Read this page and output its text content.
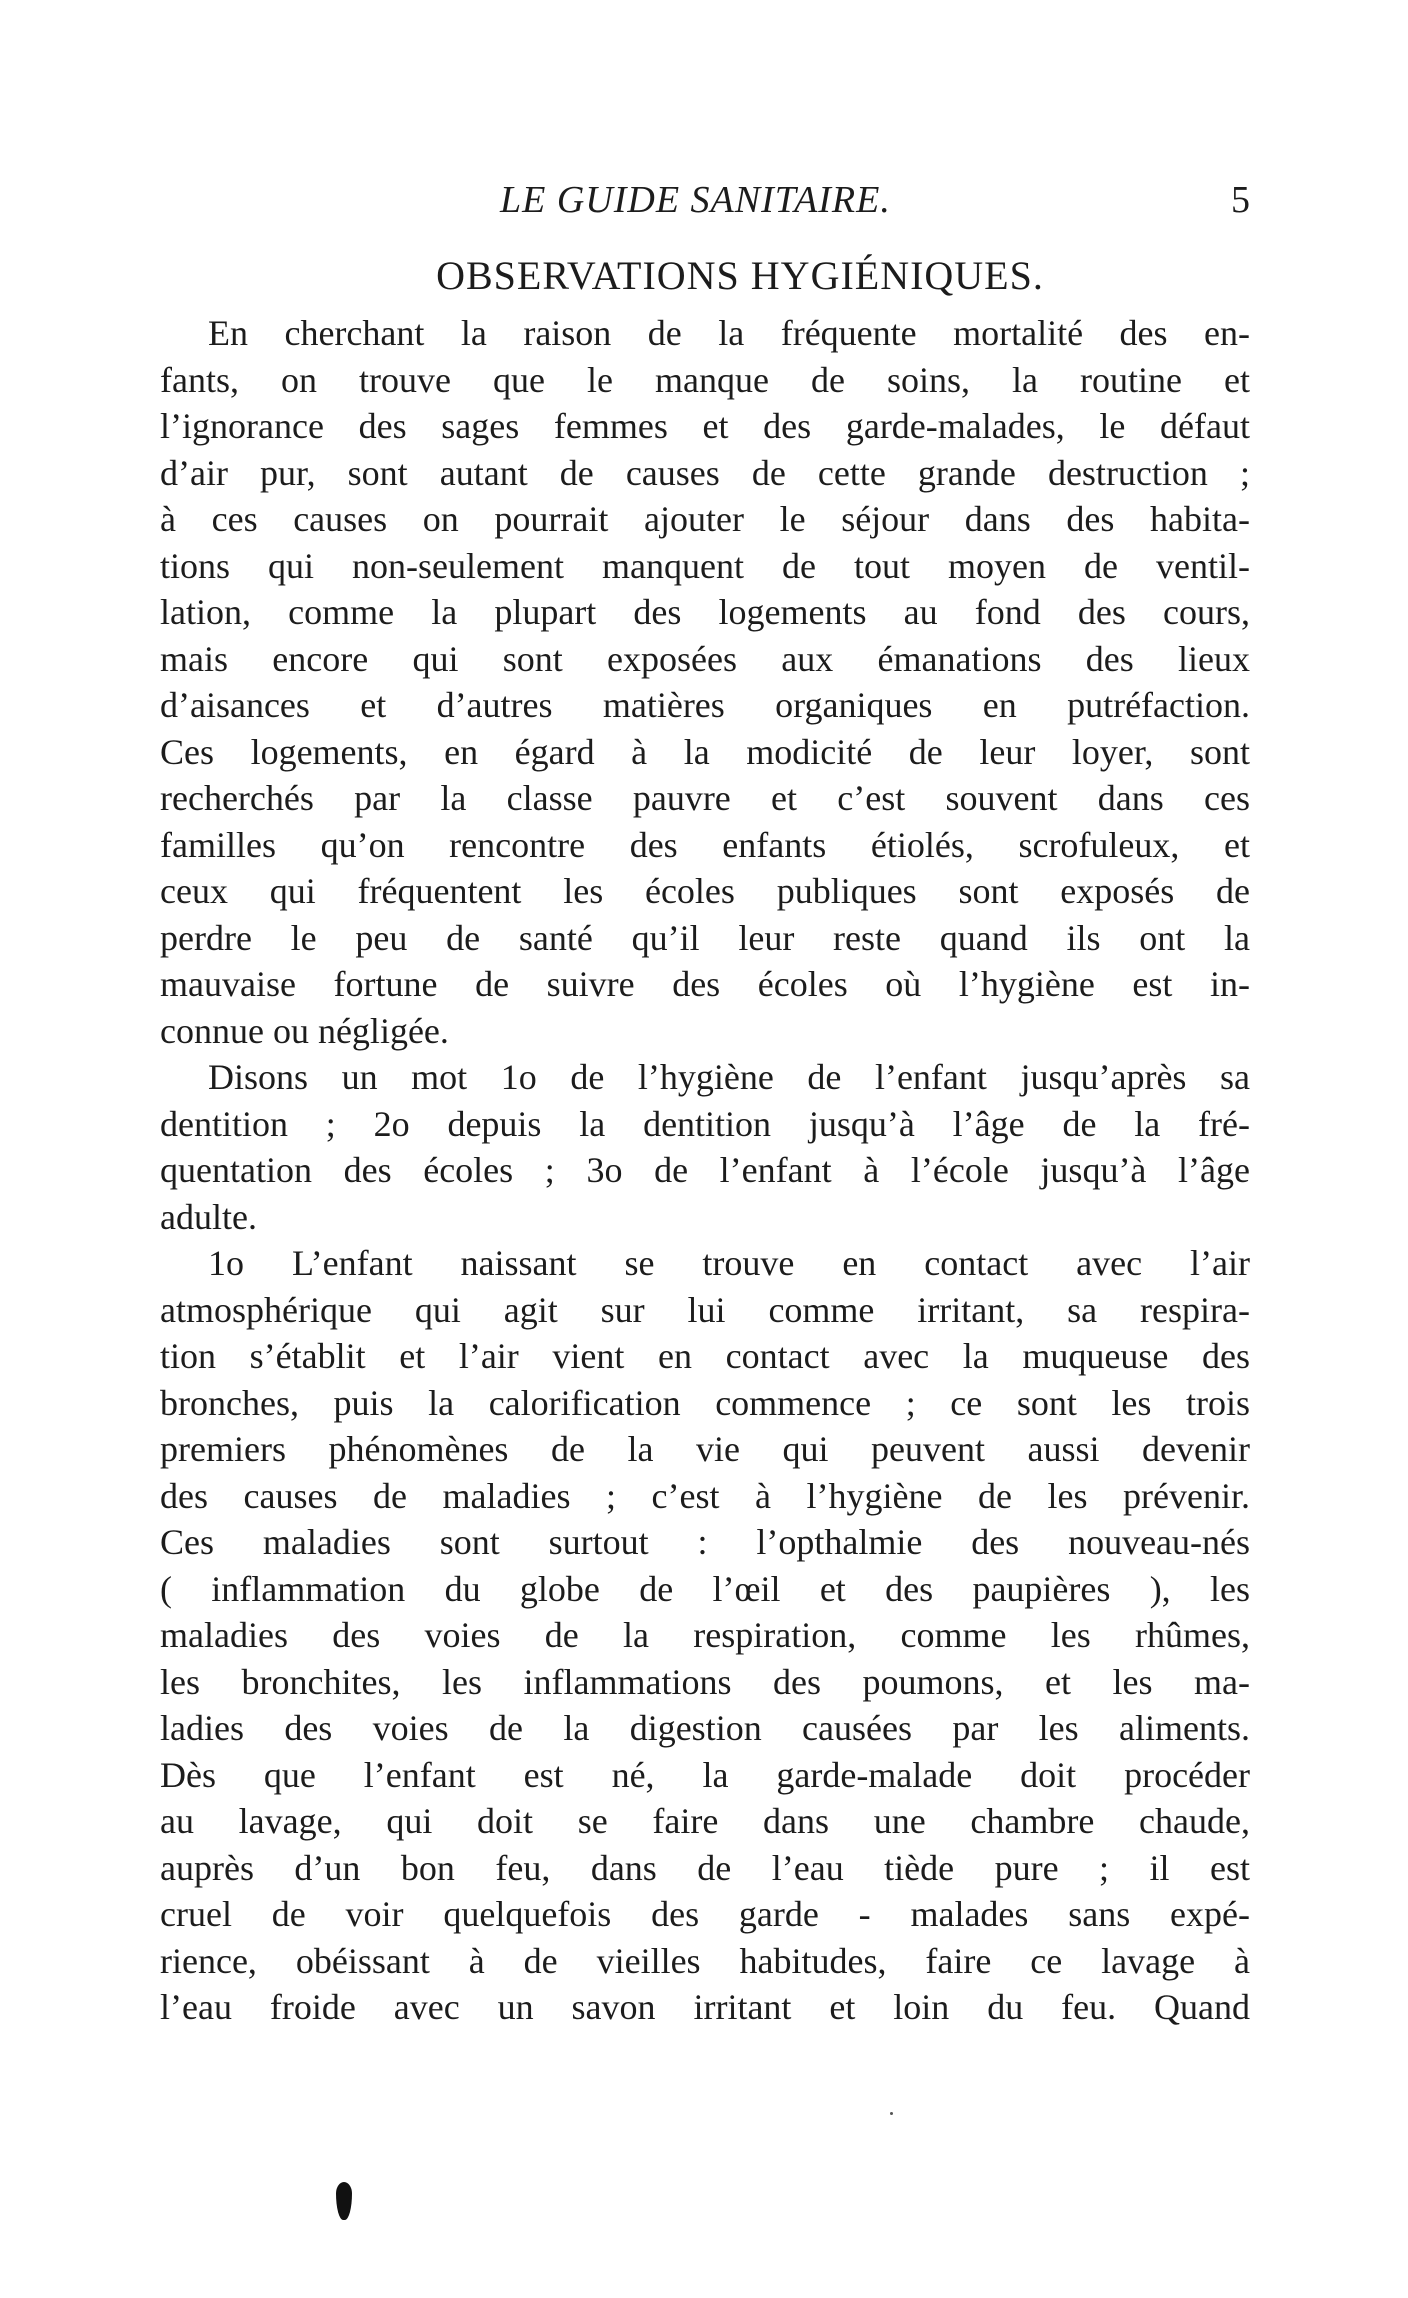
LE GUIDE SANITAIRE.	5
OBSERVATIONS HYGIÉNIQUES.
En cherchant la raison de la fréquente mortalité des en-
fants, on trouve que le manque de soins, la routine et
l’ignorance des sages femmes et des garde-malades, le défaut
d’air pur, sont autant de causes de cette grande destruction ;
à ces causes on pourrait ajouter le séjour dans des habita-
tions qui non-seulement manquent de tout moyen de ventil-
lation, comme la plupart des logements au fond des cours,
mais encore qui sont exposées aux émanations des lieux
d’aisances et d’autres matières organiques en putréfaction.
Ces logements, en égard à la modicité de leur loyer, sont
recherchés par la classe pauvre et c’est souvent dans ces
familles qu’on rencontre des enfants étiolés, scrofuleux, et
ceux qui fréquentent les écoles publiques sont exposés de
perdre le peu de santé qu’il leur reste quand ils ont la
mauvaise fortune de suivre des écoles où l’hygiène est in-
connue ou négligée.
Disons un mot 1o de l’hygiène de l’enfant jusqu’après sa
dentition ; 2o depuis la dentition jusqu’à l’âge de la fré-
quentation des écoles ; 3o de l’enfant à l’école jusqu’à l’âge
adulte.
1o L’enfant naissant se trouve en contact avec l’air
atmosphérique qui agit sur lui comme irritant, sa respira-
tion s’établit et l’air vient en contact avec la muqueuse des
bronches, puis la calorification commence ; ce sont les trois
premiers phénomènes de la vie qui peuvent aussi devenir
des causes de maladies ; c’est à l’hygiène de les prévenir.
Ces maladies sont surtout : l’opthalmie des nouveau-nés
( inflammation du globe de l’œil et des paupières ), les
maladies des voies de la respiration, comme les rhûmes,
les bronchites, les inflammations des poumons, et les ma-
ladies des voies de la digestion causées par les aliments.
Dès que l’enfant est né, la garde-malade doit procéder
au lavage, qui doit se faire dans une chambre chaude,
auprès d’un bon feu, dans de l’eau tiède pure ; il est
cruel de voir quelquefois des garde - malades sans expé-
rience, obéissant à de vieilles habitudes, faire ce lavage à
l’eau froide avec un savon irritant et loin du feu. Quand
